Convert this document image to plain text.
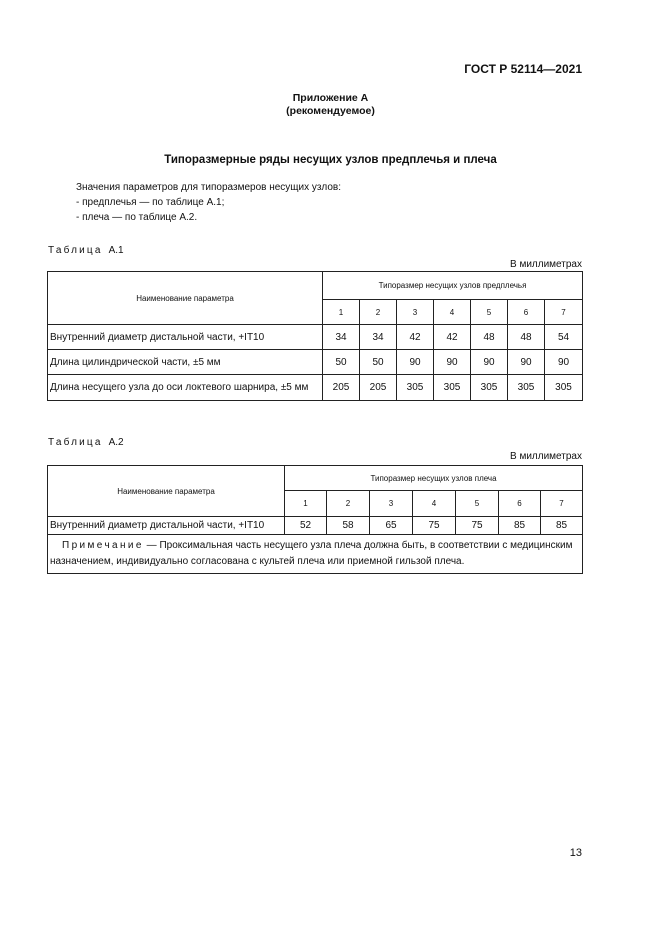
ГОСТ Р 52114—2021
Приложение А
(рекомендуемое)
Типоразмерные ряды несущих узлов предплечья и плеча
Значения параметров для типоразмеров несущих узлов:
- предплечья — по таблице А.1;
- плеча — по таблице А.2.
Таблица А.1
В миллиметрах
Наименование параметра	Типоразмер несущих узлов предплечья						
	1	2	3	4	5	6	7
Внутренний диаметр дистальной части, +IT10	34	34	42	42	48	48	54
Длина цилиндрической части, ±5 мм	50	50	90	90	90	90	90
Длина несущего узла до оси локтевого шарнира, ±5 мм	205	205	305	305	305	305	305
Таблица А.2
В миллиметрах
Наименование параметра	Типоразмер несущих узлов плеча						
	1	2	3	4	5	6	7
Внутренний диаметр дистальной части, +IT10	52	58	65	75	75	85	85
Примечание — Проксимальная часть несущего узла плеча должна быть, в соответствии с медицинским назначением, индивидуально согласована с культей плеча или приемной гильзой плеча.							
13
